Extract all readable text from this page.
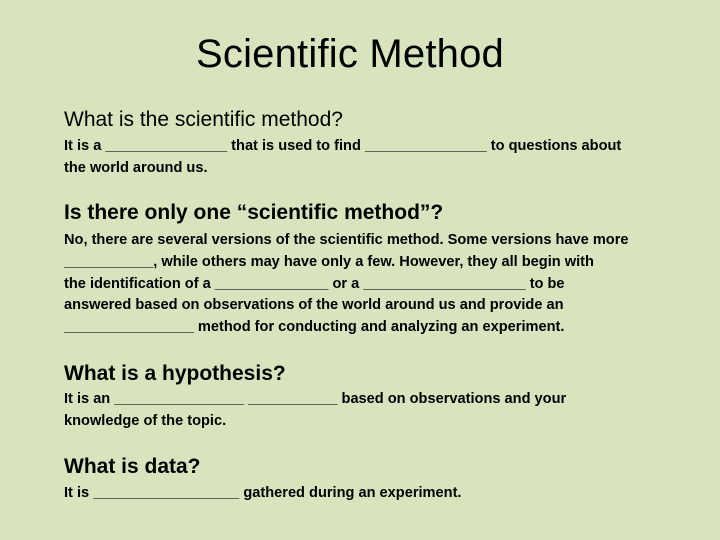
Scientific Method
What is the scientific method?

It is a _______________ that is used to find _______________ to questions about

the world around us.

Is there only one “scientific method”?

No, there are several versions of the scientific method. Some versions have more

___________, while others may have only a few. However, they all begin with

the identification of a ______________ or a ____________________ to be

answered based on observations of the world around us and provide an

________________ method for conducting and analyzing an experiment.

What is a hypothesis?

It is an ________________ ___________ based on observations and your

knowledge of the topic.

What is data?

It is __________________ gathered during an experiment.
